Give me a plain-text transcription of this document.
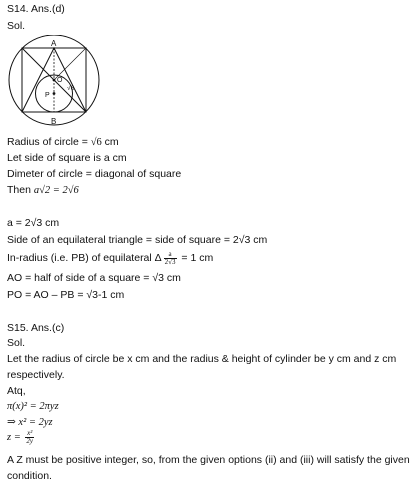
S14. Ans.(d)
Sol.
A
B
O
P
√6
Radius of circle = √6 cm
Let side of square is a cm
Dimeter of circle = diagonal of square
Then a√2 = 2√6
a = 2√3 cm
Side of an equilateral triangle = side of square = 2√3 cm
In-radius (i.e. PB) of equilateral Δ $\frac{a}{2√3} = 1$ cm
AO = half of side of a square = √3 cm
PO = AO – PB = √3-1 cm
S15. Ans.(c)
Sol.
Let the radius of circle be x cm and the radius & height of cylinder be y cm and z cm
respectively.
Atq,
π(x)² = 2πyz
⇒ x² = 2yz
$z = \frac{\text{x²}}{2y}$
A Z must be positive integer, so, from the given options (ii) and (iii) will satisfy the given
condition.
